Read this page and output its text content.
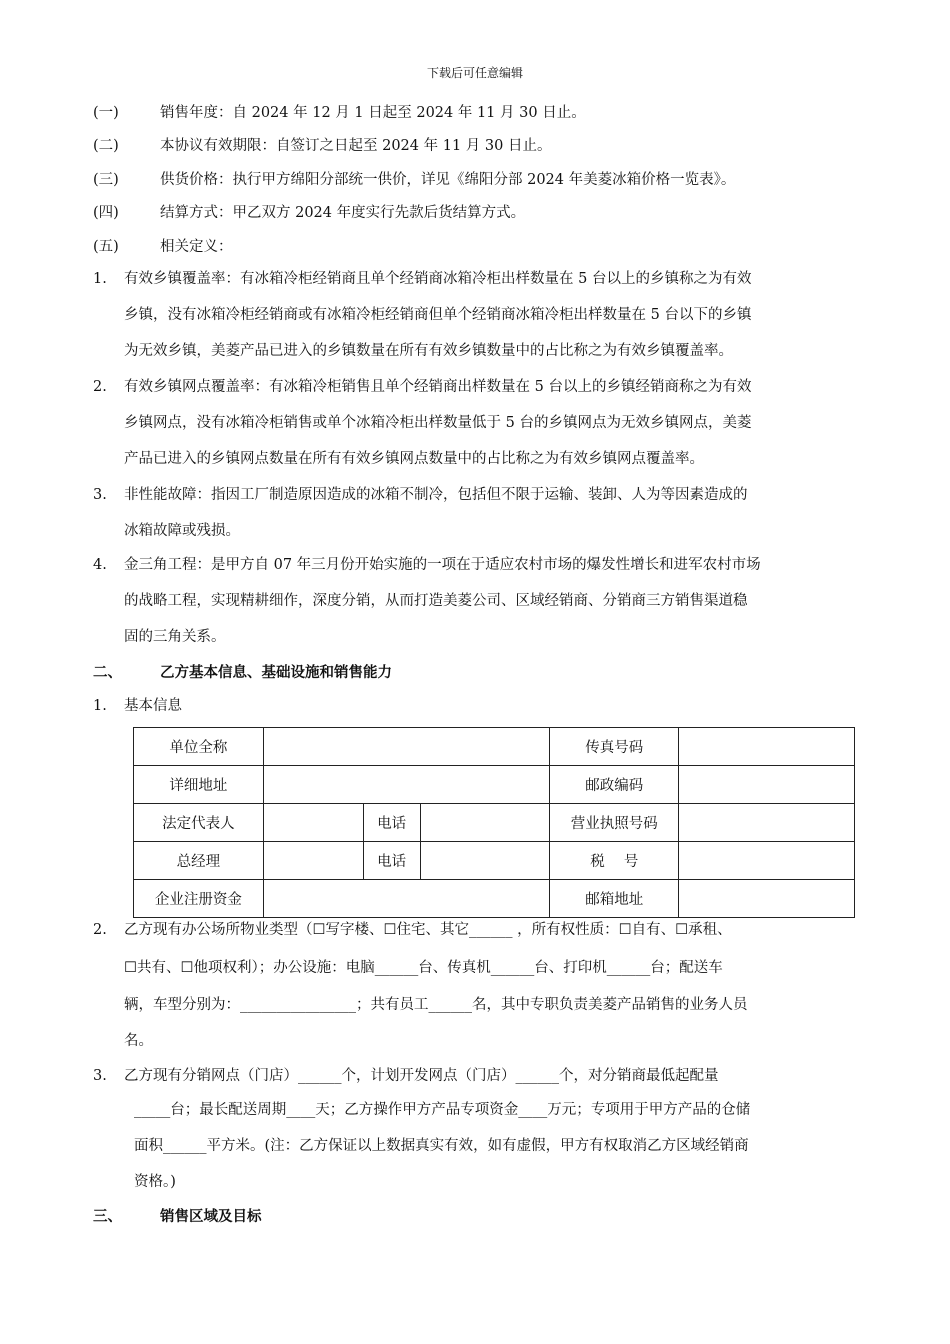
下载后可任意编辑
(一)	销售年度：自 2024 年 12 月 1 日起至 2024 年 11 月 30 日止。
(二)	本协议有效期限：自签订之日起至 2024 年 11 月 30 日止。
(三)	供货价格：执行甲方绵阳分部统一供价，详见《绵阳分部 2024 年美菱冰箱价格一览表》。
(四)	结算方式：甲乙双方 2024 年度实行先款后货结算方式。
(五)	相关定义：
1. 有效乡镇覆盖率：有冰箱冷柜经销商且单个经销商冰箱冷柜出样数量在 5 台以上的乡镇称之为有效
乡镇，没有冰箱冷柜经销商或有冰箱冷柜经销商但单个经销商冰箱冷柜出样数量在 5 台以下的乡镇
为无效乡镇，美菱产品已进入的乡镇数量在所有有效乡镇数量中的占比称之为有效乡镇覆盖率。
2. 有效乡镇网点覆盖率：有冰箱冷柜销售且单个经销商出样数量在 5 台以上的乡镇经销商称之为有效
乡镇网点，没有冰箱冷柜销售或单个冰箱冷柜出样数量低于 5 台的乡镇网点为无效乡镇网点，美菱
产品已进入的乡镇网点数量在所有有效乡镇网点数量中的占比称之为有效乡镇网点覆盖率。
3. 非性能故障：指因工厂制造原因造成的冰箱不制冷，包括但不限于运输、装卸、人为等因素造成的
冰箱故障或残损。
4. 金三角工程：是甲方自 07 年三月份开始实施的一项在于适应农村市场的爆发性增长和进军农村市场
的战略工程，实现精耕细作，深度分销，从而打造美菱公司、区域经销商、分销商三方销售渠道稳
固的三角关系。
二、	乙方基本信息、基础设施和销售能力
1. 基本信息
单位全称				传真号码	
详细地址				邮政编码	
法定代表人		电话		营业执照号码	
总经理		电话		税　 号	
企业注册资金				邮箱地址	
2. 乙方现有办公场所物业类型（☐写字楼、☐住宅、其它______ ，所有权性质：☐自有、☐承租、
☐共有、☐他项权利）；办公设施：电脑______台、传真机______台、打印机______台；配送车
辆，车型分别为：________________；共有员工______名，其中专职负责美菱产品销售的业务人员
名。
3. 乙方现有分销网点（门店）______个，计划开发网点（门店）______个，对分销商最低起配量
_____台；最长配送周期____天；乙方操作甲方产品专项资金____万元；专项用于甲方产品的仓储
面积______平方米。(注：乙方保证以上数据真实有效，如有虚假，甲方有权取消乙方区域经销商
资格。)
三、	销售区域及目标
